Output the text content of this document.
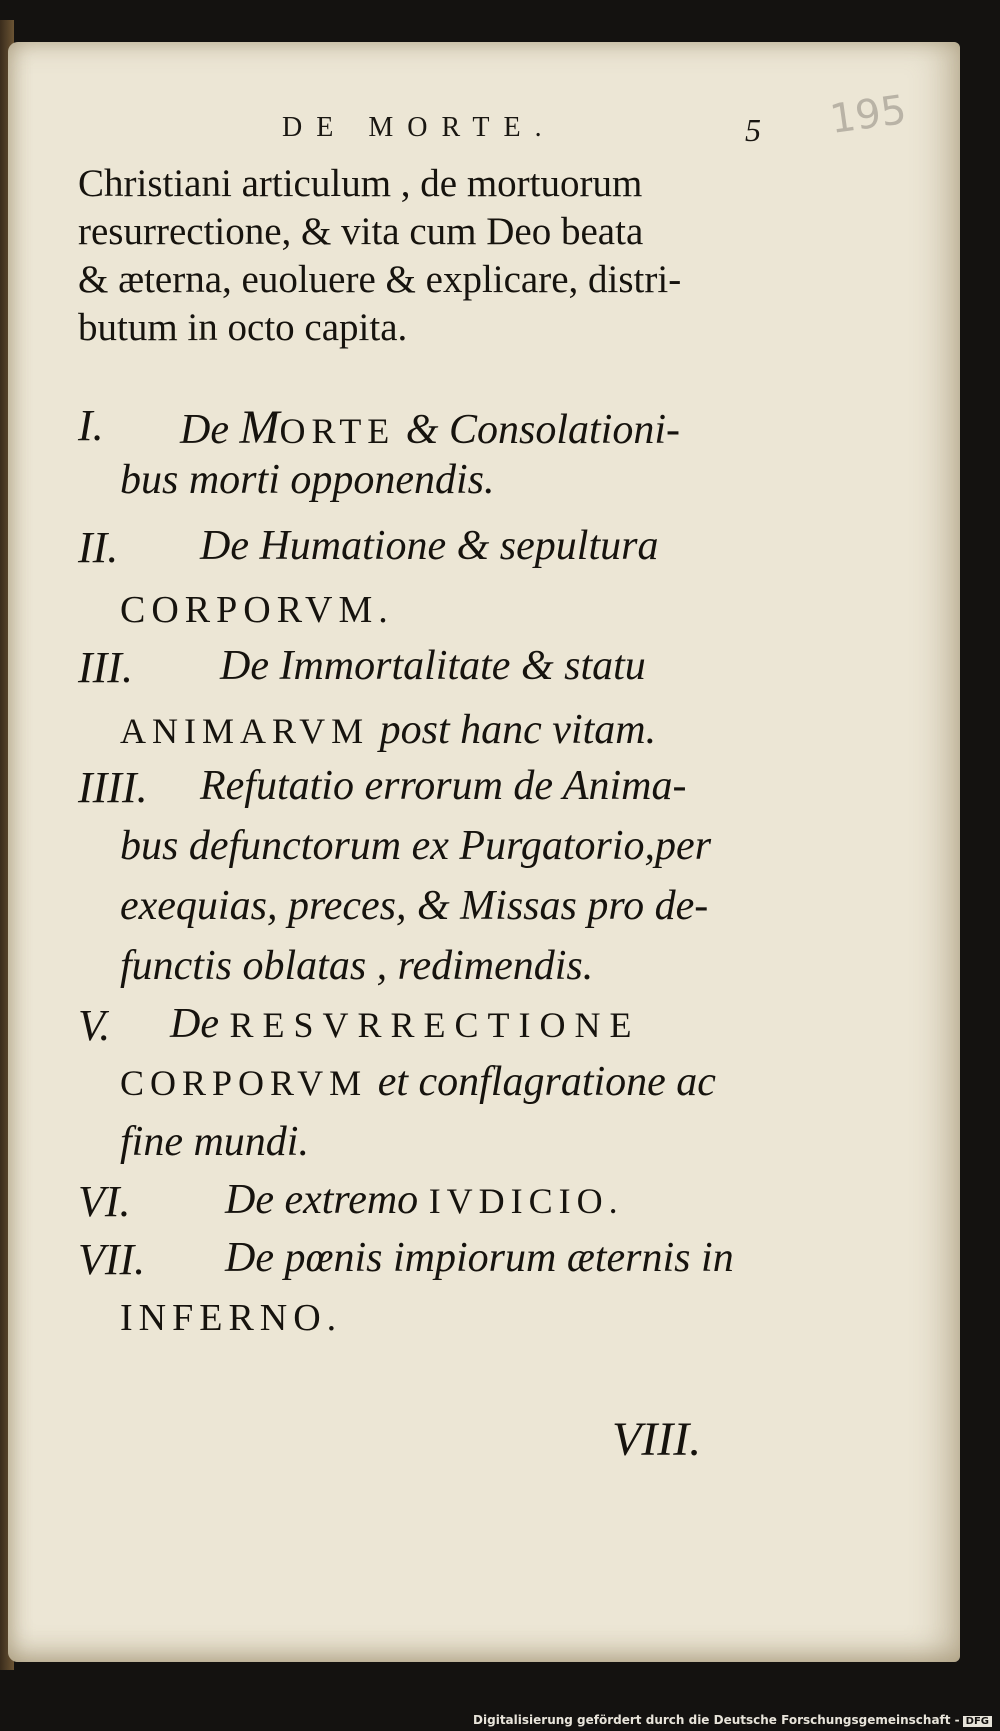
195
DE MORTE.	5
Christiani articulum , de mortuorum
resurrectione, & vita cum Deo beata
& æterna, euoluere & explicare, distri-
butum in octo capita.
I. De MORTE & Consolationi-
bus morti opponendis.
II. De Humatione & sepultura
CORPORVM.
III. De Immortalitate & statu
ANIMARVM post hanc vitam.
IIII. Refutatio errorum de Anima-
bus defunctorum ex Purgatorio,per
exequias, preces, & Missas pro de-
functis oblatas , redimendis.
V. De RESVRRECTIONE
CORPORVM et conflagratione ac
fine mundi.
VI. De extremo IVDICIO.
VII. De pœnis impiorum æternis in
INFERNO.
VIII.
Digitalisierung gefördert durch die Deutsche Forschungsgemeinschaft - DFG
